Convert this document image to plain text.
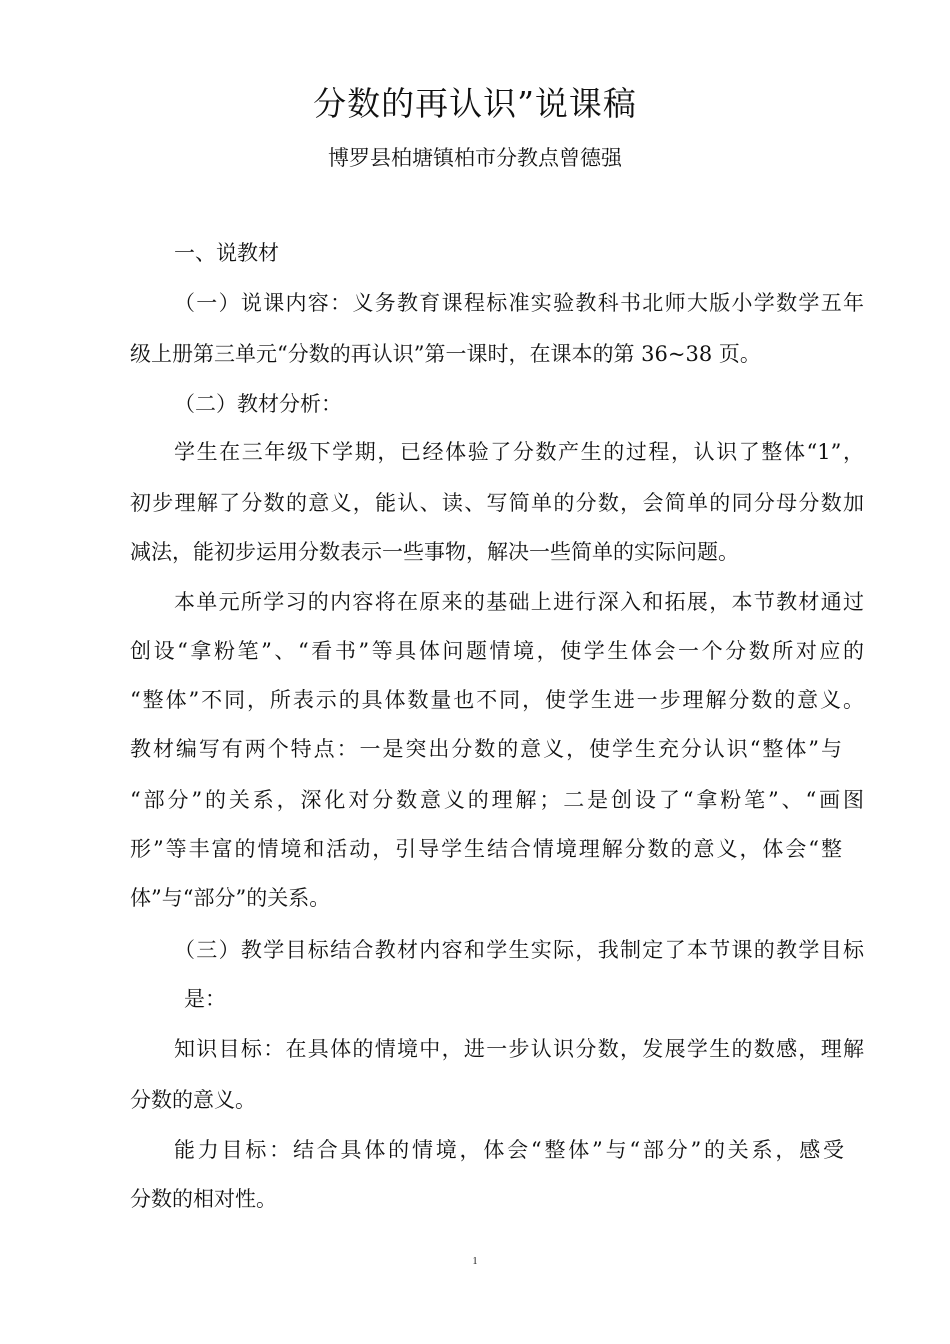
分数的再认识”说课稿
博罗县柏塘镇柏市分教点曾德强
一、说教材
（一）说课内容：义务教育课程标准实验教科书北师大版小学数学五年
级上册第三单元“分数的再认识”第一课时，在课本的第 36~38 页。
（二）教材分析：
学生在三年级下学期，已经体验了分数产生的过程，认识了整体“1”，
初步理解了分数的意义，能认、读、写简单的分数，会简单的同分母分数加
减法，能初步运用分数表示一些事物，解决一些简单的实际问题。
本单元所学习的内容将在原来的基础上进行深入和拓展，本节教材通过
创设“拿粉笔”、“看书”等具体问题情境，使学生体会一个分数所对应的
“整体”不同，所表示的具体数量也不同，使学生进一步理解分数的意义。
教材编写有两个特点：一是突出分数的意义，使学生充分认识“整体”与
“部分”的关系，深化对分数意义的理解；二是创设了“拿粉笔”、“画图
形”等丰富的情境和活动，引导学生结合情境理解分数的意义，体会“整
体”与“部分”的关系。
（三）教学目标结合教材内容和学生实际，我制定了本节课的教学目标
是：
知识目标：在具体的情境中，进一步认识分数，发展学生的数感，理解
分数的意义。
能力目标：结合具体的情境，体会“整体”与“部分”的关系，感受
分数的相对性。
1
